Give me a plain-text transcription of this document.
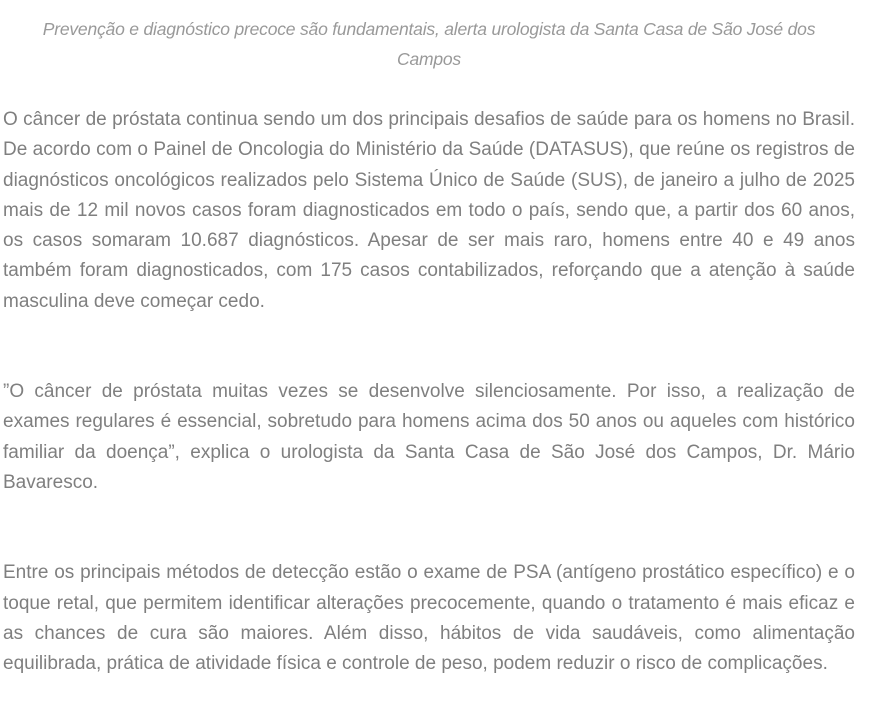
Prevenção e diagnóstico precoce são fundamentais, alerta urologista da Santa Casa de São José dos
Campos

O câncer de próstata continua sendo um dos principais desafios de saúde para os homens no Brasil. De acordo com o Painel de Oncologia do Ministério da Saúde (DATASUS), que reúne os registros de diagnósticos oncológicos realizados pelo Sistema Único de Saúde (SUS), de janeiro a julho de 2025 mais de 12 mil novos casos foram diagnosticados em todo o país, sendo que, a partir dos 60 anos, os casos somaram 10.687 diagnósticos. Apesar de ser mais raro, homens entre 40 e 49 anos também foram diagnosticados, com 175 casos contabilizados, reforçando que a atenção à saúde masculina deve começar cedo.

”O câncer de próstata muitas vezes se desenvolve silenciosamente. Por isso, a realização de exames regulares é essencial, sobretudo para homens acima dos 50 anos ou aqueles com histórico familiar da doença”, explica o urologista da Santa Casa de São José dos Campos, Dr. Mário Bavaresco.

Entre os principais métodos de detecção estão o exame de PSA (antígeno prostático específico) e o toque retal, que permitem identificar alterações precocemente, quando o tratamento é mais eficaz e as chances de cura são maiores. Além disso, hábitos de vida saudáveis, como alimentação equilibrada, prática de atividade física e controle de peso, podem reduzir o risco de complicações.
